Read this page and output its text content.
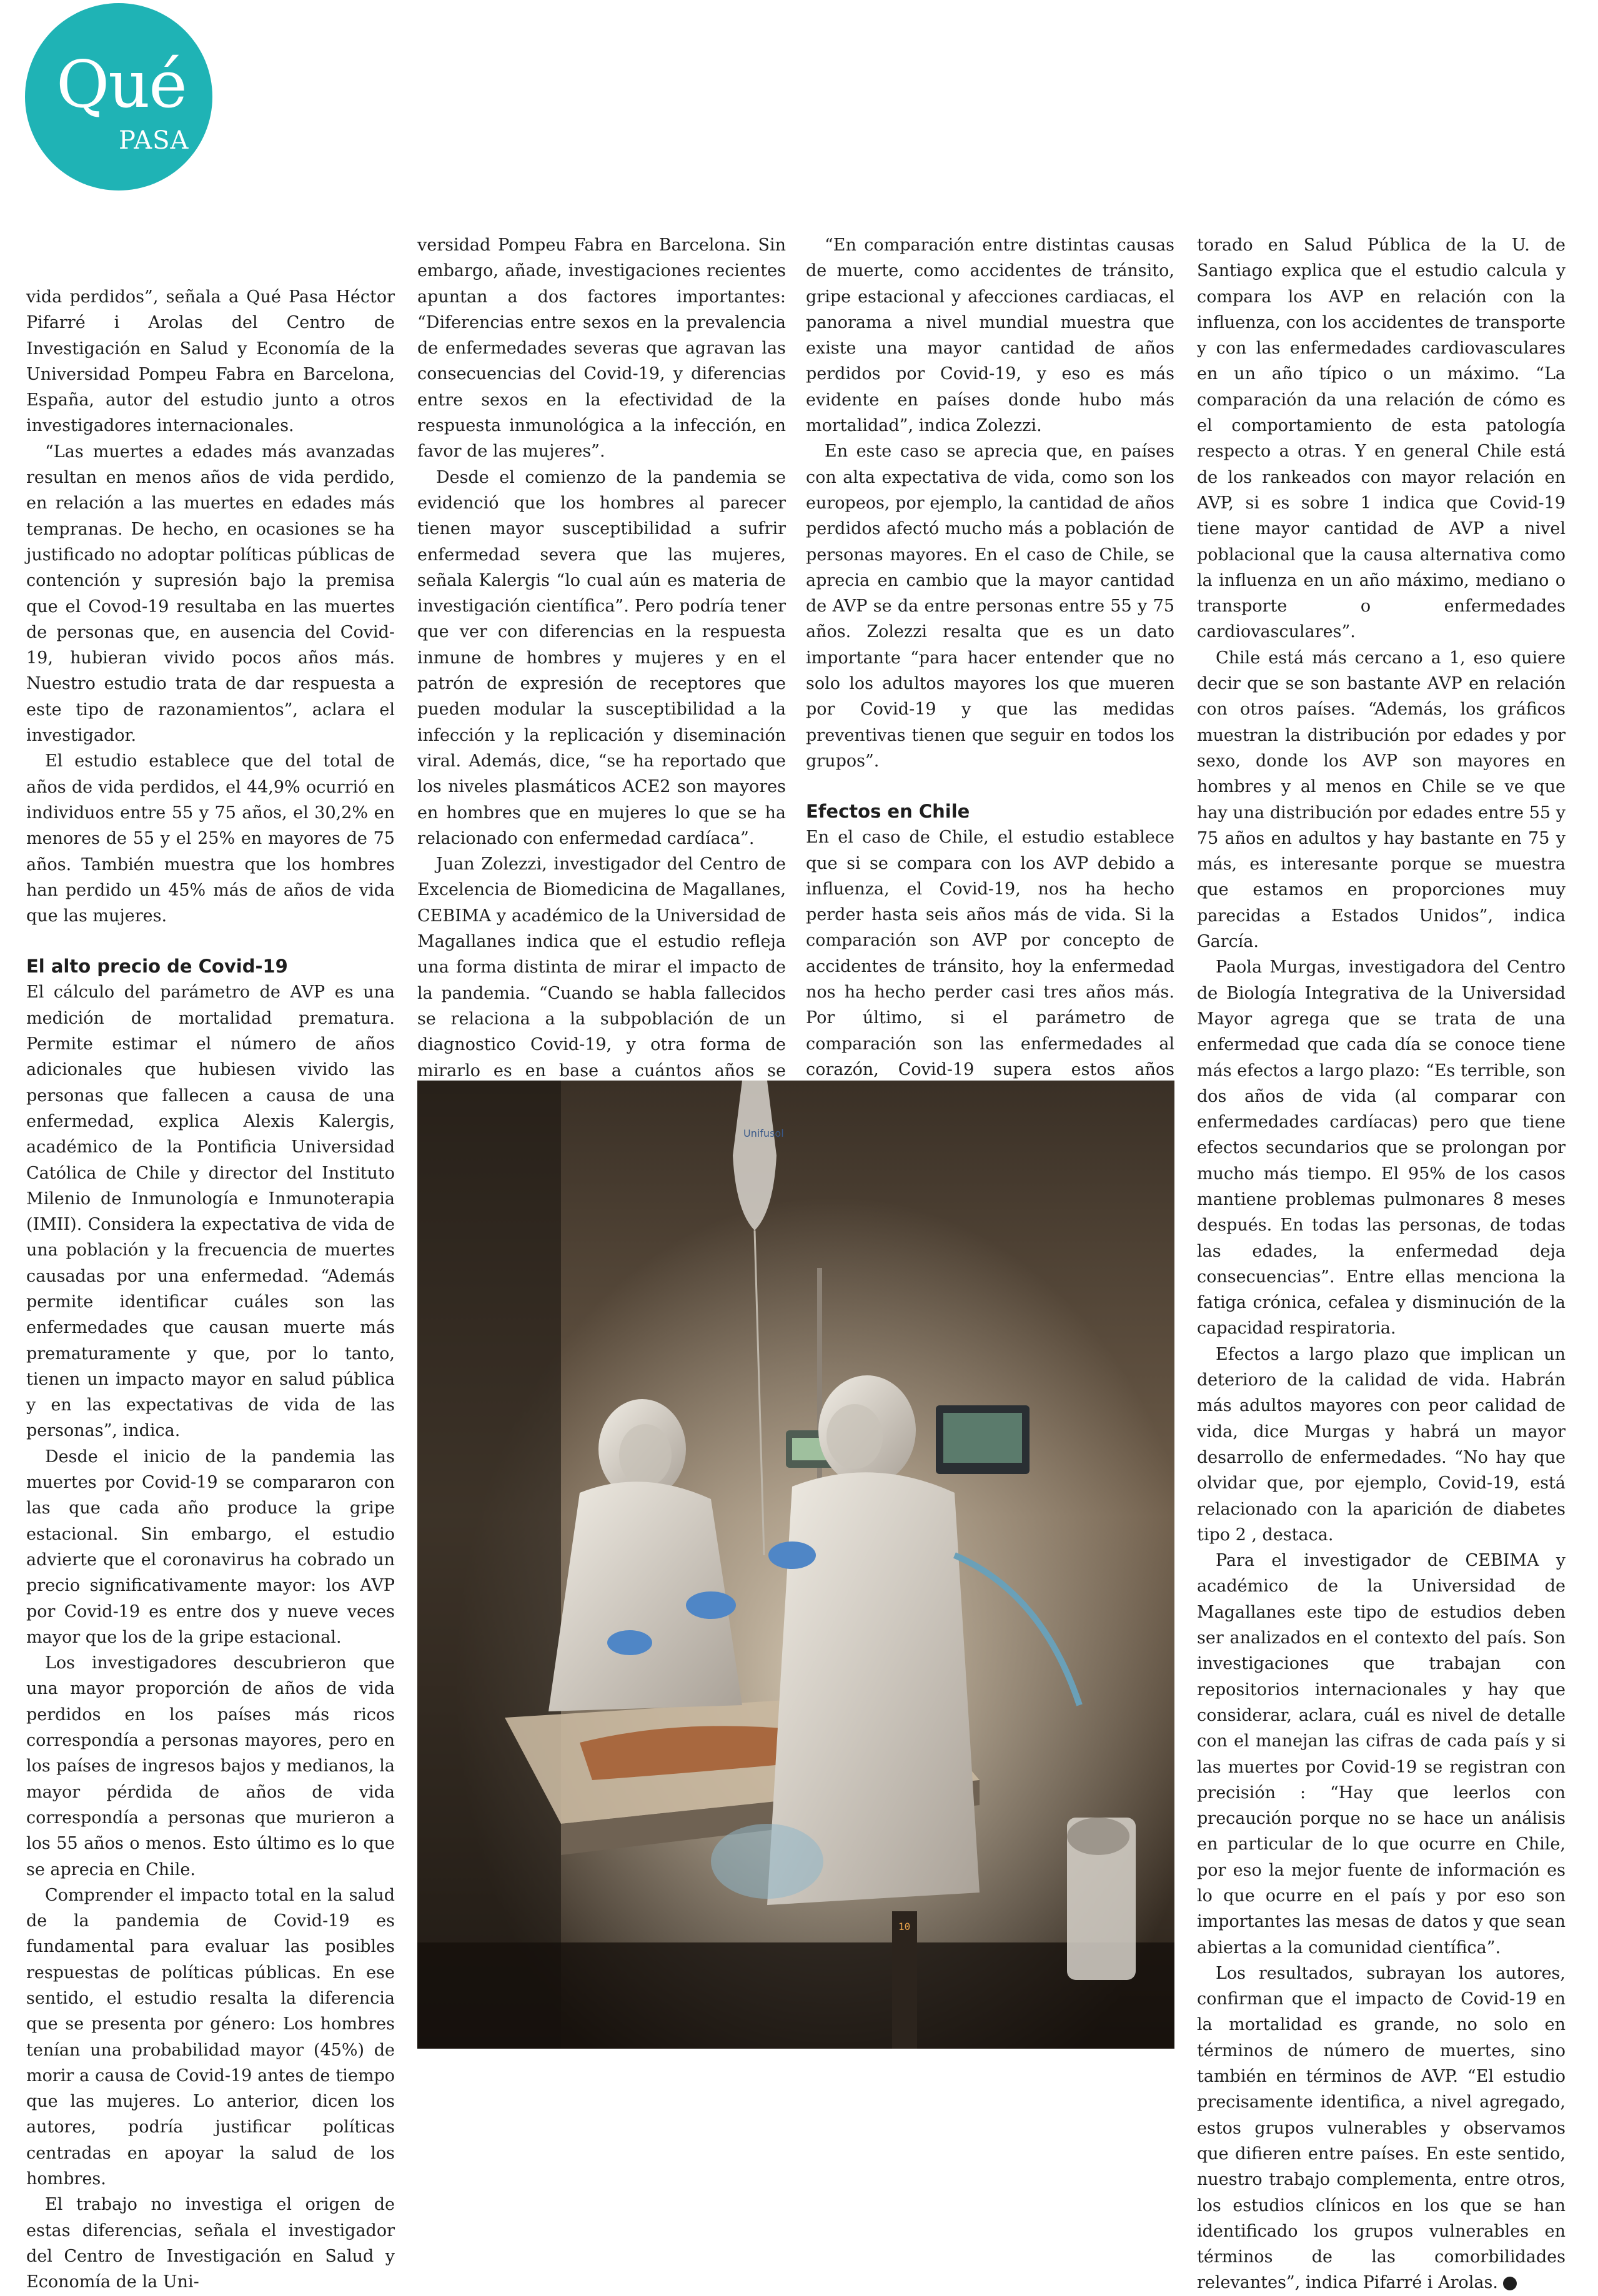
Qué
PASA

vida perdidos”, señala a Qué Pasa Héctor Pifarré i Arolas del Centro de Investigación en Salud y Economía de la Universidad Pompeu Fabra en Barcelona, España, autor del estudio junto a otros investigadores internacionales.

“Las muertes a edades más avanzadas resultan en menos años de vida perdido, en relación a las muertes en edades más tempranas. De hecho, en ocasiones se ha justificado no adoptar políticas públicas de contención y supresión bajo la premisa que el Covod-19 resultaba en las muertes de personas que, en ausencia del Covid-19, hubieran vivido pocos años más. Nuestro estudio trata de dar respuesta a este tipo de razonamientos”, aclara el investigador.

El estudio establece que del total de años de vida perdidos, el 44,9% ocurrió en individuos entre 55 y 75 años, el 30,2% en menores de 55 y el 25% en mayores de 75 años. También muestra que los hombres han perdido un 45% más de años de vida que las mujeres.

El alto precio de Covid-19

El cálculo del parámetro de AVP es una medición de mortalidad prematura. Permite estimar el número de años adicionales que hubiesen vivido las personas que fallecen a causa de una enfermedad, explica Alexis Kalergis, académico de la Pontificia Universidad Católica de Chile y director del Instituto Milenio de Inmunología e Inmunoterapia (IMII). Considera la expectativa de vida de una población y la frecuencia de muertes causadas por una enfermedad. “Además permite identificar cuáles son las enfermedades que causan muerte más prematuramente y que, por lo tanto, tienen un impacto mayor en salud pública y en las expectativas de vida de las personas”, indica.

Desde el inicio de la pandemia las muertes por Covid-19 se compararon con las que cada año produce la gripe estacional. Sin embargo, el estudio advierte que el coronavirus ha cobrado un precio significativamente mayor: los AVP por Covid-19 es entre dos y nueve veces mayor que los de la gripe estacional.

Los investigadores descubrieron que una mayor proporción de años de vida perdidos en los países más ricos correspondía a personas mayores, pero en los países de ingresos bajos y medianos, la mayor pérdida de años de vida correspondía a personas que murieron a los 55 años o menos. Esto último es lo que se aprecia en Chile.

Comprender el impacto total en la salud de la pandemia de Covid-19 es fundamental para evaluar las posibles respuestas de políticas públicas. En ese sentido, el estudio resalta la diferencia que se presenta por género: Los hombres tenían una probabilidad mayor (45%) de morir a causa de Covid-19 antes de tiempo que las mujeres. Lo anterior, dicen los autores, podría justificar políticas centradas en apoyar la salud de los hombres.

El trabajo no investiga el origen de estas diferencias, señala el investigador del Centro de Investigación en Salud y Economía de la Uni-

versidad Pompeu Fabra en Barcelona. Sin embargo, añade, investigaciones recientes apuntan a dos factores importantes: “Diferencias entre sexos en la prevalencia de enfermedades severas que agravan las consecuencias del Covid-19, y diferencias entre sexos en la efectividad de la respuesta inmunológica a la infección, en favor de las mujeres”.

Desde el comienzo de la pandemia se evidenció que los hombres al parecer tienen mayor susceptibilidad a sufrir enfermedad severa que las mujeres, señala Kalergis “lo cual aún es materia de investigación científica”. Pero podría tener que ver con diferencias en la respuesta inmune de hombres y mujeres y en el patrón de expresión de receptores que pueden modular la susceptibilidad a la infección y la replicación y diseminación viral. Además, dice, “se ha reportado que los niveles plasmáticos ACE2 son mayores en hombres que en mujeres lo que se ha relacionado con enfermedad cardíaca”.

Juan Zolezzi, investigador del Centro de Excelencia de Biomedicina de Magallanes, CEBIMA y académico de la Universidad de Magallanes indica que el estudio refleja una forma distinta de mirar el impacto de la pandemia. “Cuando se habla fallecidos se relaciona a la subpoblación de un diagnostico Covid-19, y otra forma de mirarlo es en base a cuántos años se

“En comparación entre distintas causas de muerte, como accidentes de tránsito, gripe estacional y afecciones cardiacas, el panorama a nivel mundial muestra que existe una mayor cantidad de años perdidos por Covid-19, y eso es más evidente en países donde hubo más mortalidad”, indica Zolezzi.

En este caso se aprecia que, en países con alta expectativa de vida, como son los europeos, por ejemplo, la cantidad de años perdidos afectó mucho más a población de personas mayores. En el caso de Chile, se aprecia en cambio que la mayor cantidad de AVP se da entre personas entre 55 y 75 años. Zolezzi resalta que es un dato importante “para hacer entender que no solo los adultos mayores los que mueren por Covid-19 y que las medidas preventivas tienen que seguir en todos los grupos”.

Efectos en Chile

En el caso de Chile, el estudio establece que si se compara con los AVP debido a influenza, el Covid-19, nos ha hecho perder hasta seis años más de vida. Si la comparación son AVP por concepto de accidentes de tránsito, hoy la enfermedad nos ha hecho perder casi tres años más. Por último, si el parámetro de comparación son las enfermedades al corazón, Covid-19 supera estos años

torado en Salud Pública de la U. de Santiago explica que el estudio calcula y compara los AVP en relación con la influenza, con los accidentes de transporte y con las enfermedades cardiovasculares en un año típico o un máximo. “La comparación da una relación de cómo es el comportamiento de esta patología respecto a otras. Y en general Chile está de los rankeados con mayor relación en AVP, si es sobre 1 indica que Covid-19 tiene mayor cantidad de AVP a nivel poblacional que la causa alternativa como la influenza en un año máximo, mediano o transporte o enfermedades cardiovasculares”.

Chile está más cercano a 1, eso quiere decir que se son bastante AVP en relación con otros países. “Además, los gráficos muestran la distribución por edades y por sexo, donde los AVP son mayores en hombres y al menos en Chile se ve que hay una distribución por edades entre 55 y 75 años en adultos y hay bastante en 75 y más, es interesante porque se muestra que estamos en proporciones muy parecidas a Estados Unidos”, indica García.

Paola Murgas, investigadora del Centro de Biología Integrativa de la Universidad Mayor agrega que se trata de una enfermedad que cada día se conoce tiene más efectos a largo plazo: “Es terrible, son dos años de vida (al comparar con enfermedades cardíacas) pero que tiene efectos secundarios que se prolongan por mucho más tiempo. El 95% de los casos mantiene problemas pulmonares 8 meses después. En todas las personas, de todas las edades, la enfermedad deja consecuencias”. Entre ellas menciona la fatiga crónica, cefalea y disminución de la capacidad respiratoria.

Efectos a largo plazo que implican un deterioro de la calidad de vida. Habrán más adultos mayores con peor calidad de vida, dice Murgas y habrá un mayor desarrollo de enfermedades. “No hay que olvidar que, por ejemplo, Covid-19, está relacionado con la aparición de diabetes tipo 2 , destaca.

Para el investigador de CEBIMA y académico de la Universidad de Magallanes este tipo de estudios deben ser analizados en el contexto del país. Son investigaciones que trabajan con repositorios internacionales y hay que considerar, aclara, cuál es nivel de detalle con el manejan las cifras de cada país y si las muertes por Covid-19 se registran con precisión : “Hay que leerlos con precaución porque no se hace un análisis en particular de lo que ocurre en Chile, por eso la mejor fuente de información es lo que ocurre en el país y por eso son importantes las mesas de datos y que sean abiertas a la comunidad científica”.

Los resultados, subrayan los autores, confirman que el impacto de Covid-19 en la mortalidad es grande, no solo en términos de número de muertes, sino también en términos de AVP. “El estudio precisamente identifica, a nivel agregado, estos grupos vulnerables y observamos que difieren entre países. En este sentido, nuestro trabajo complementa, entre otros, los estudios clínicos en los que se han identificado los grupos vulnerables en términos de las comorbilidades relevantes”, indica Pifarré i Arolas.

Unifusol
10
